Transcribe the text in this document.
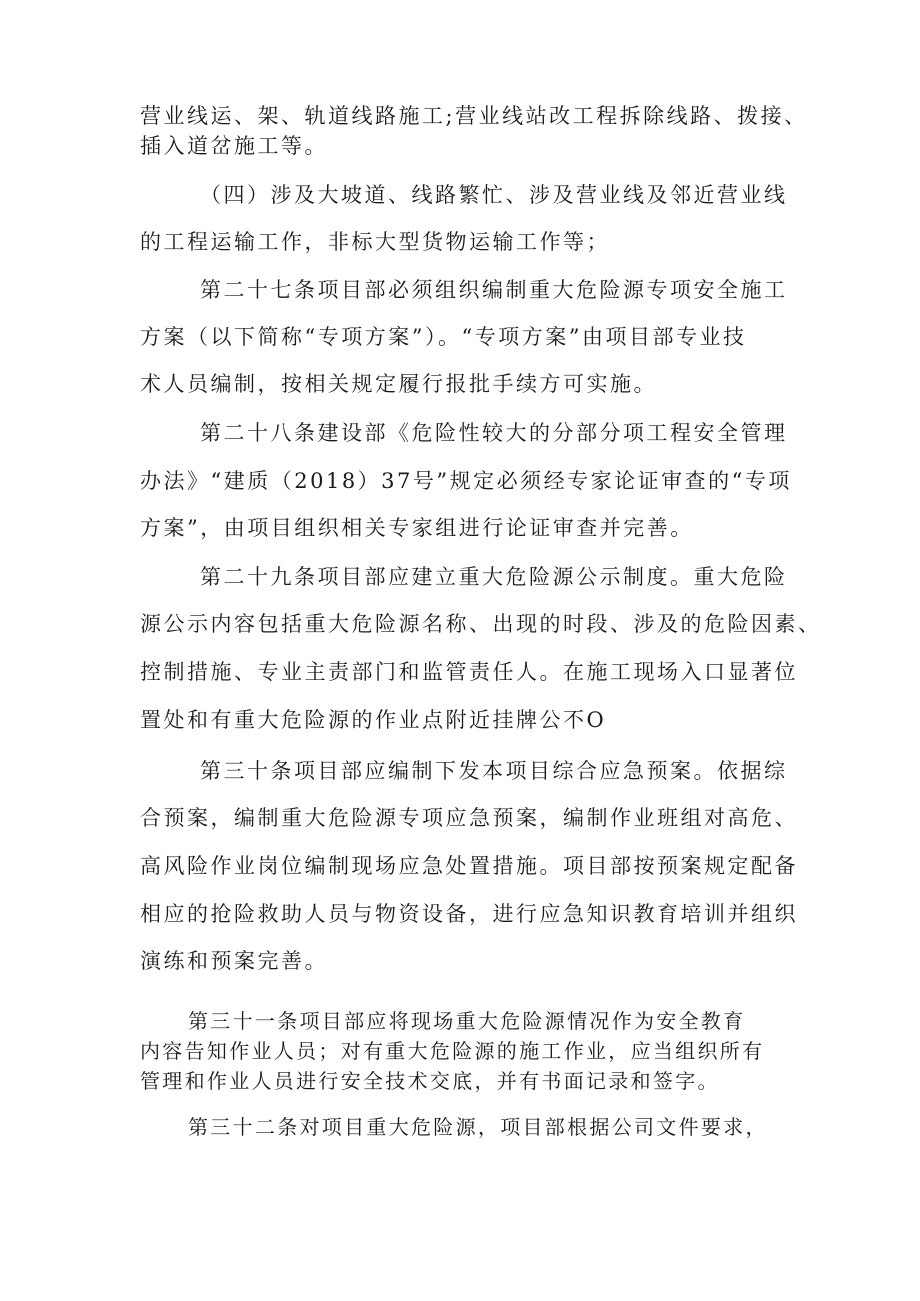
营业线运、架、轨道线路施工;营业线站改工程拆除线路、拨接、
插入道岔施工等。
（四）涉及大坡道、线路繁忙、涉及营业线及邻近营业线
的工程运输工作，非标大型货物运输工作等；
第二十七条项目部必须组织编制重大危险源专项安全施工
方案（以下简称“专项方案”）。“专项方案”由项目部专业技
术人员编制，按相关规定履行报批手续方可实施。
第二十八条建设部《危险性较大的分部分项工程安全管理
办法》“建质（2018）37号”规定必须经专家论证审查的“专项
方案”，由项目组织相关专家组进行论证审查并完善。
第二十九条项目部应建立重大危险源公示制度。重大危险
源公示内容包括重大危险源名称、出现的时段、涉及的危险因素、
控制措施、专业主责部门和监管责任人。在施工现场入口显著位
置处和有重大危险源的作业点附近挂牌公不O
第三十条项目部应编制下发本项目综合应急预案。依据综
合预案，编制重大危险源专项应急预案，编制作业班组对高危、
高风险作业岗位编制现场应急处置措施。项目部按预案规定配备
相应的抢险救助人员与物资设备，进行应急知识教育培训并组织
演练和预案完善。
第三十一条项目部应将现场重大危险源情况作为安全教育
内容告知作业人员；对有重大危险源的施工作业，应当组织所有
管理和作业人员进行安全技术交底，并有书面记录和签字。
第三十二条对项目重大危险源，项目部根据公司文件要求，
